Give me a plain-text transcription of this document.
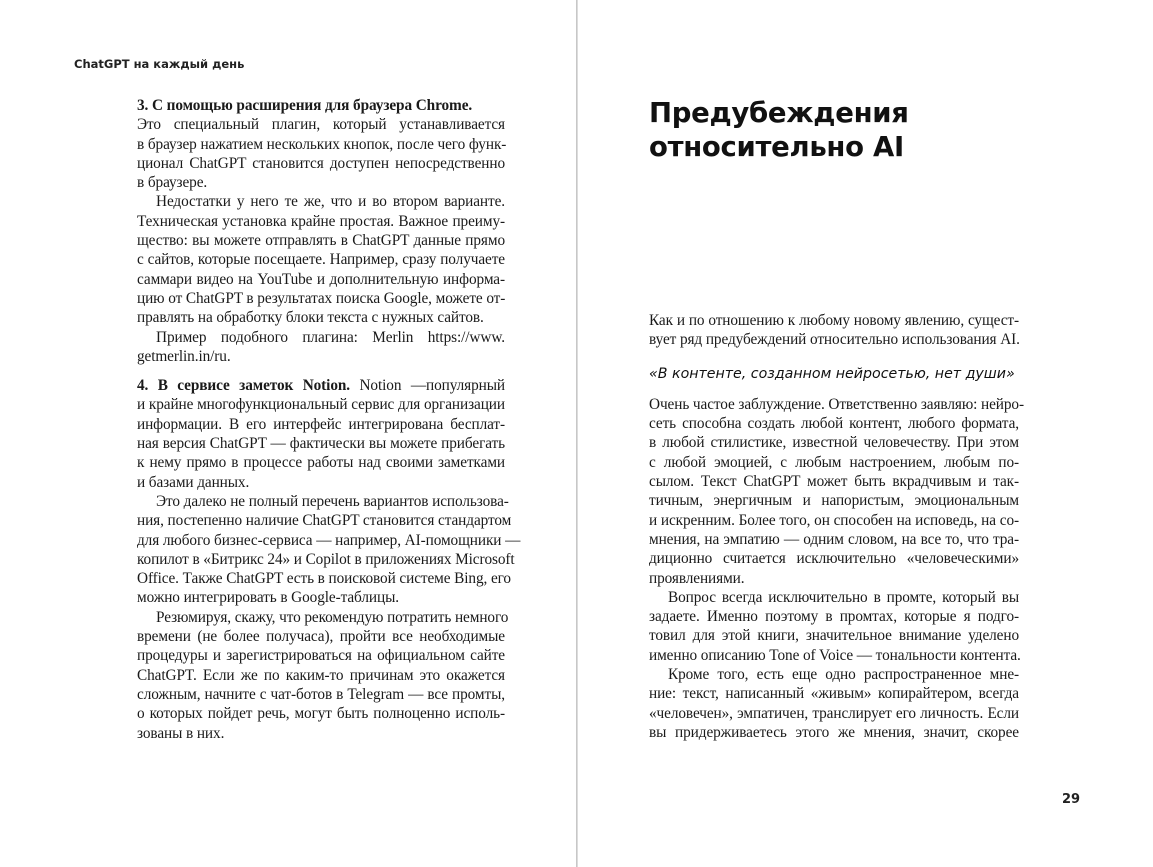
ChatGPT на каждый день
3. С помощью расширения для браузера Chrome.
Это специальный плагин, который устанавливается
в браузер нажатием нескольких кнопок, после чего функ-
ционал ChatGPT становится доступен непосредственно
в браузере.
Недостатки у него те же, что и во втором варианте.
Техническая установка крайне простая. Важное преиму-
щество: вы можете отправлять в ChatGPT данные прямо
с сайтов, которые посещаете. Например, сразу получаете
саммари видео на YouTube и дополнительную информа-
цию от ChatGPT в результатах поиска Google, можете от-
правлять на обработку блоки текста с нужных сайтов.
Пример подобного плагина: Merlin https://www.
getmerlin.in/ru.
4. В сервисе заметок Notion. Notion —популярный
и крайне многофункциональный сервис для организации
информации. В его интерфейс интегрирована бесплат-
ная версия ChatGPT — фактически вы можете прибегать
к нему прямо в процессе работы над своими заметками
и базами данных.
Это далеко не полный перечень вариантов использова-
ния, постепенно наличие ChatGPT становится стандартом
для любого бизнес-сервиса — например, AI-помощники —
копилот в «Битрикс 24» и Copilot в приложениях Microsoft
Office. Также ChatGPT есть в поисковой системе Bing, его
можно интегрировать в Google-таблицы.
Резюмируя, скажу, что рекомендую потратить немного
времени (не более получаса), пройти все необходимые
процедуры и зарегистрироваться на официальном сайте
ChatGPT. Если же по каким-то причинам это окажется
сложным, начните с чат-ботов в Telegram — все промты,
о которых пойдет речь, могут быть полноценно исполь-
зованы в них.
Предубеждения
относительно AI
Как и по отношению к любому новому явлению, сущест-
вует ряд предубеждений относительно использования AI.
«В контенте, созданном нейросетью, нет души»
Очень частое заблуждение. Ответственно заявляю: нейро-
сеть способна создать любой контент, любого формата,
в любой стилистике, известной человечеству. При этом
с любой эмоцией, с любым настроением, любым по-
сылом. Текст ChatGPT может быть вкрадчивым и так-
тичным, энергичным и напористым, эмоциональным
и искренним. Более того, он способен на исповедь, на со-
мнения, на эмпатию — одним словом, на все то, что тра-
диционно считается исключительно «человеческими»
проявлениями.
Вопрос всегда исключительно в промте, который вы
задаете. Именно поэтому в промтах, которые я подго-
товил для этой книги, значительное внимание уделено
именно описанию Tone of Voice — тональности контента.
Кроме того, есть еще одно распространенное мне-
ние: текст, написанный «живым» копирайтером, всегда
«человечен», эмпатичен, транслирует его личность. Если
вы придерживаетесь этого же мнения, значит, скорее
29
